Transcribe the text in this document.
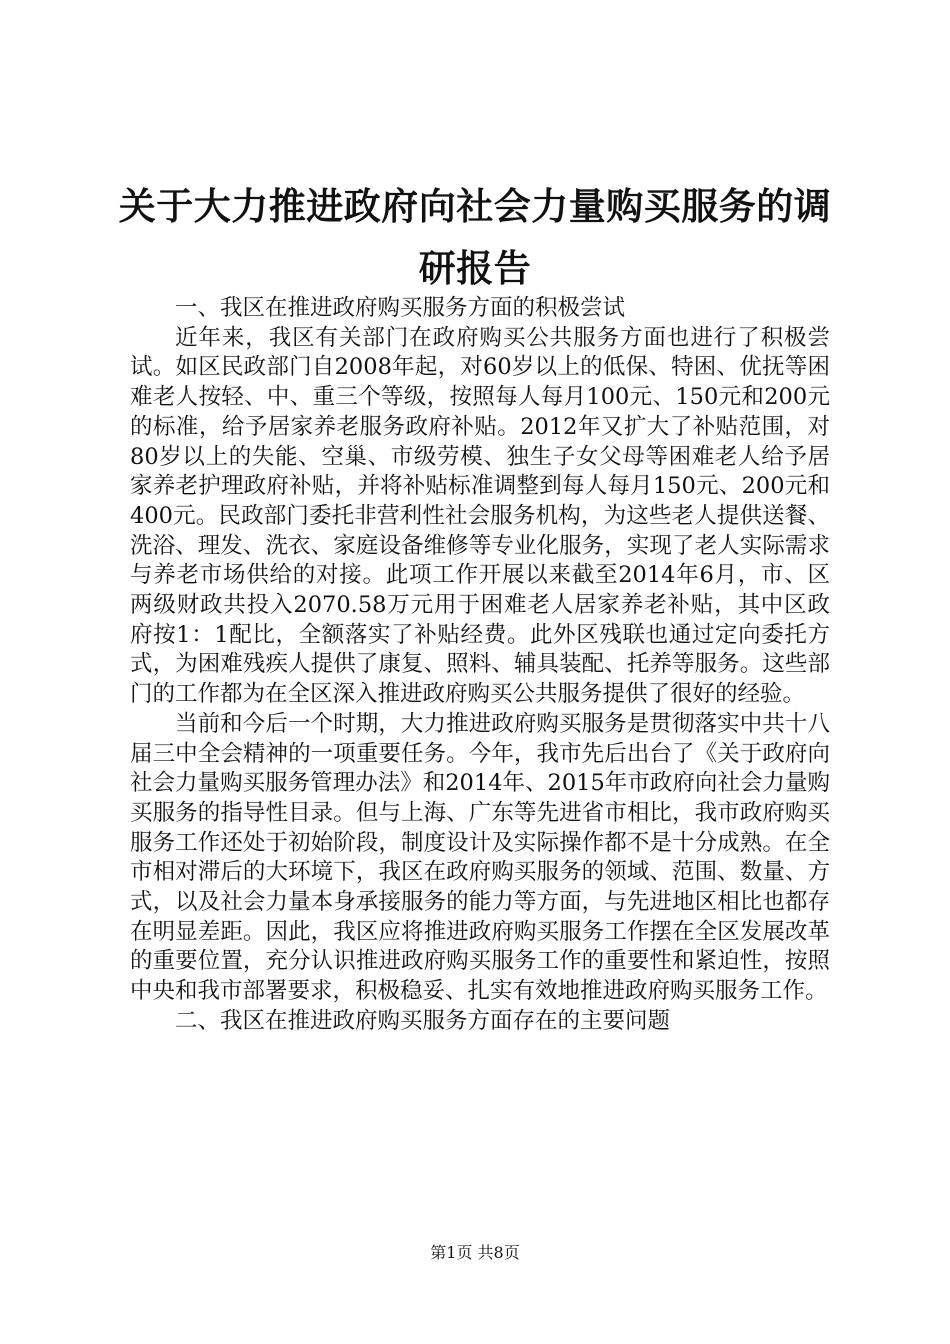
关于大力推进政府向社会力量购买服务的调研报告

一、我区在推进政府购买服务方面的积极尝试

近年来，我区有关部门在政府购买公共服务方面也进行了积极尝试。如区民政部门自2008年起，对60岁以上的低保、特困、优抚等困难老人按轻、中、重三个等级，按照每人每月100元、150元和200元的标准，给予居家养老服务政府补贴。2012年又扩大了补贴范围，对80岁以上的失能、空巢、市级劳模、独生子女父母等困难老人给予居家养老护理政府补贴，并将补贴标准调整到每人每月150元、200元和400元。民政部门委托非营利性社会服务机构，为这些老人提供送餐、洗浴、理发、洗衣、家庭设备维修等专业化服务，实现了老人实际需求与养老市场供给的对接。此项工作开展以来截至2014年6月，市、区两级财政共投入2070.58万元用于困难老人居家养老补贴，其中区政府按1：1配比，全额落实了补贴经费。此外区残联也通过定向委托方式，为困难残疾人提供了康复、照料、辅具装配、托养等服务。这些部门的工作都为在全区深入推进政府购买公共服务提供了很好的经验。

当前和今后一个时期，大力推进政府购买服务是贯彻落实中共十八届三中全会精神的一项重要任务。今年，我市先后出台了《关于政府向社会力量购买服务管理办法》和2014年、2015年市政府向社会力量购买服务的指导性目录。但与上海、广东等先进省市相比，我市政府购买服务工作还处于初始阶段，制度设计及实际操作都不是十分成熟。在全市相对滞后的大环境下，我区在政府购买服务的领域、范围、数量、方式，以及社会力量本身承接服务的能力等方面，与先进地区相比也都存在明显差距。因此，我区应将推进政府购买服务工作摆在全区发展改革的重要位置，充分认识推进政府购买服务工作的重要性和紧迫性，按照中央和我市部署要求，积极稳妥、扎实有效地推进政府购买服务工作。

二、我区在推进政府购买服务方面存在的主要问题

第1页 共8页
